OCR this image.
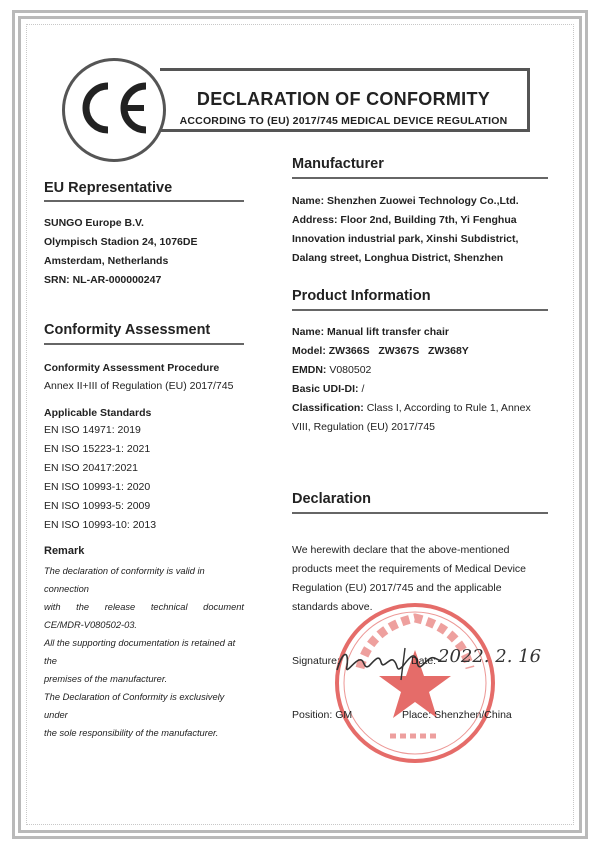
DECLARATION OF CONFORMITY
ACCORDING TO (EU) 2017/745 MEDICAL DEVICE REGULATION
EU Representative
SUNGO Europe B.V.
Olympisch Stadion 24, 1076DE
Amsterdam, Netherlands
SRN: NL-AR-000000247
Conformity Assessment
Conformity Assessment Procedure
Annex II+III of Regulation (EU) 2017/745
Applicable Standards
EN ISO 14971: 2019
EN ISO 15223-1: 2021
EN ISO 20417:2021
EN ISO 10993-1: 2020
EN ISO 10993-5: 2009
EN ISO 10993-10: 2013
Remark
The declaration of conformity is valid in connection
with the release technical document
CE/MDR-V080502-03.
All the supporting documentation is retained at the
premises of the manufacturer.
The Declaration of Conformity is exclusively under
the sole responsibility of the manufacturer.
Manufacturer
Name: Shenzhen Zuowei Technology Co.,Ltd.
Address: Floor 2nd, Building 7th, Yi Fenghua
Innovation industrial park, Xinshi Subdistrict,
Dalang street, Longhua District, Shenzhen
Product Information
Name: Manual lift transfer chair
Model: ZW366S   ZW367S   ZW368Y
EMDN: V080502
Basic UDI-DI: /
Classification: Class I, According to Rule 1, Annex
VIII, Regulation (EU) 2017/745
Declaration
We herewith declare that the above-mentioned
products meet the requirements of Medical Device
Regulation (EU) 2017/745 and the applicable
standards above.
Signature:	Date: 2022. 2. 16
Position: GM	Place: Shenzhen/China
